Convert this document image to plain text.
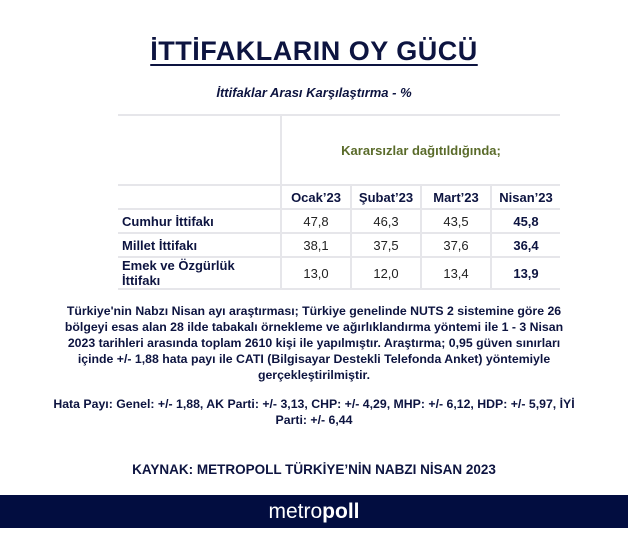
İTTİFAKLARIN OY GÜCÜ
İttifaklar Arası Karşılaştırma - %
	Kararsızlar dağıtıldığında;			
	Ocak’23	Şubat’23	Mart’23	Nisan’23
Cumhur İttifakı	47,8	46,3	43,5	45,8
Millet İttifakı	38,1	37,5	37,6	36,4
Emek ve Özgürlük İttifakı	13,0	12,0	13,4	13,9
Türkiye'nin Nabzı Nisan ayı araştırması; Türkiye genelinde NUTS 2 sistemine göre 26 bölgeyi esas alan 28 ilde tabakalı örnekleme ve ağırlıklandırma yöntemi ile 1 - 3 Nisan 2023 tarihleri arasında toplam 2610 kişi ile yapılmıştır. Araştırma; 0,95 güven sınırları içinde +/- 1,88 hata payı ile CATI (Bilgisayar Destekli Telefonda Anket) yöntemiyle gerçekleştirilmiştir.
Hata Payı: Genel: +/- 1,88, AK Parti: +/- 3,13, CHP: +/- 4,29, MHP: +/- 6,12, HDP: +/- 5,97, İYİ Parti: +/- 6,44
KAYNAK: METROPOLL TÜRKİYE’NİN NABZI NİSAN 2023
metropoll
